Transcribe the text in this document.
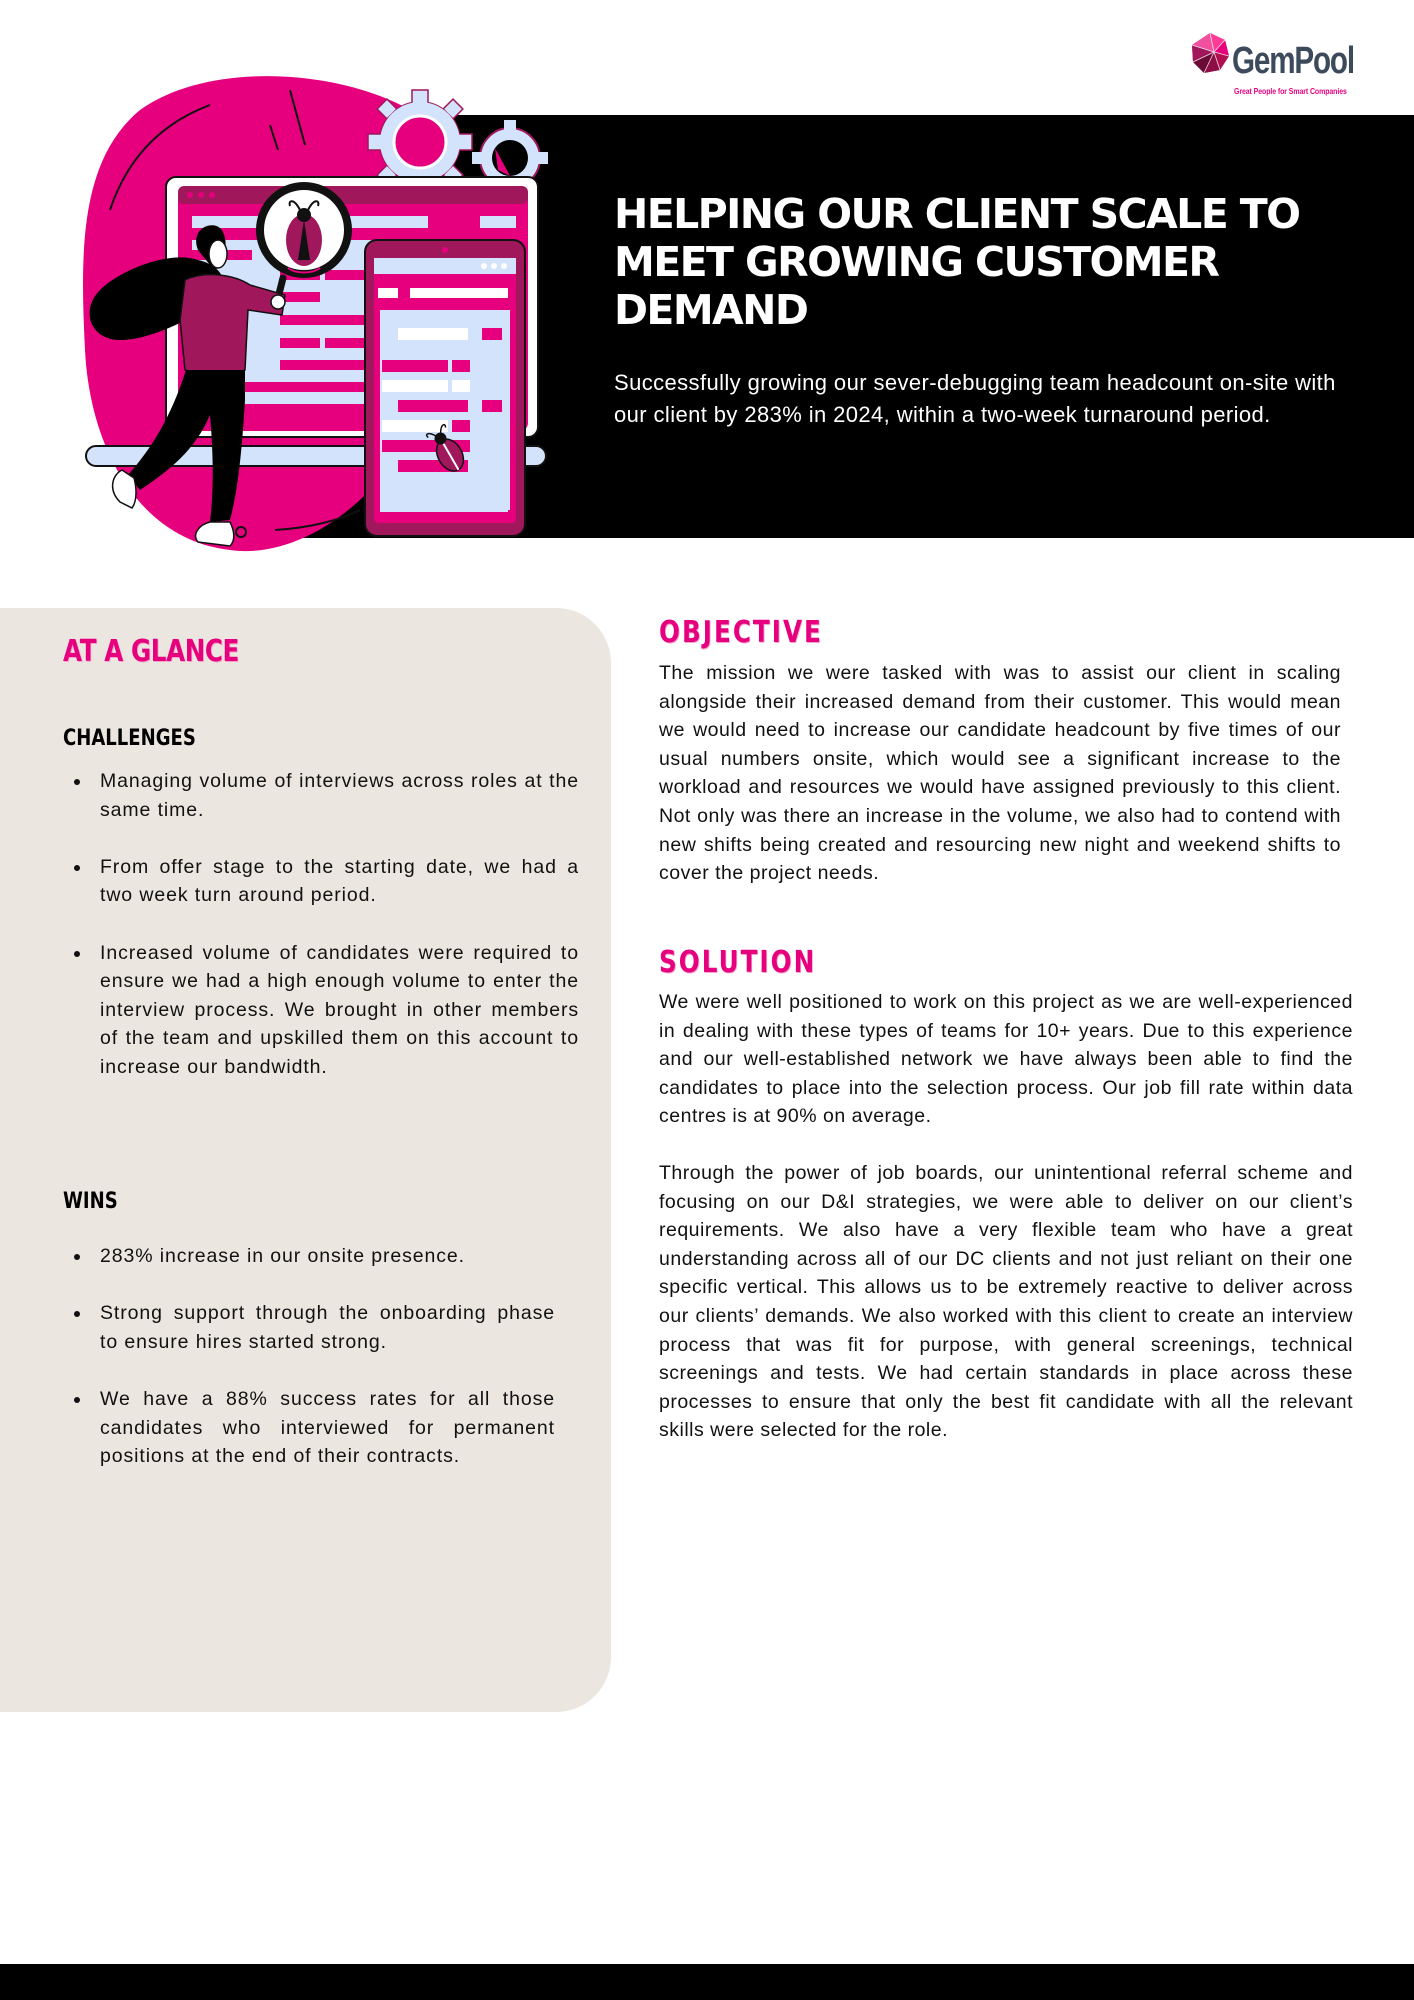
GemPool
Great People for Smart Companies
HELPING OUR CLIENT SCALE TO MEET GROWING CUSTOMER DEMAND

Successfully growing our sever-debugging team headcount on-site with our client by 283% in 2024, within a two-week turnaround period.

AT A GLANCE
CHALLENGES
Managing volume of interviews across roles at the same time.
From offer stage to the starting date, we had a two week turn around period.
Increased volume of candidates were required to ensure we had a high enough volume to enter the interview process. We brought in other members of the team and upskilled them on this account to increase our bandwidth.
WINS
283% increase in our onsite presence.
Strong support through the onboarding phase to ensure hires started strong.
We have a 88% success rates for all those candidates who interviewed for permanent positions at the end of their contracts.
OBJECTIVE

The mission we were tasked with was to assist our client in scaling alongside their increased demand from their customer. This would mean we would need to increase our candidate headcount by five times of our usual numbers onsite, which would see a significant increase to the workload and resources we would have assigned previously to this client. Not only was there an increase in the volume, we also had to contend with new shifts being created and resourcing new night and weekend shifts to cover the project needs.

SOLUTION

We were well positioned to work on this project as we are well-experienced in dealing with these types of teams for 10+ years. Due to this experience and our well-established network we have always been able to find the candidates to place into the selection process. Our job fill rate within data centres is at 90% on average.

Through the power of job boards, our unintentional referral scheme and focusing on our D&I strategies, we were able to deliver on our client’s requirements. We also have a very flexible team who have a great understanding across all of our DC clients and not just reliant on their one specific vertical. This allows us to be extremely reactive to deliver across our clients’ demands. We also worked with this client to create an interview process that was fit for purpose, with general screenings, technical screenings and tests. We had certain standards in place across these processes to ensure that only the best fit candidate with all the relevant skills were selected for the role.
